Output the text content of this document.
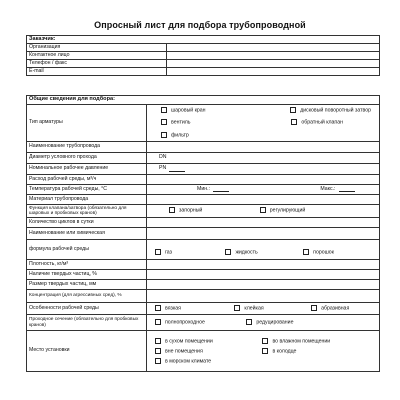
Опросный лист для подбора трубопроводной
Заказчик:	
Организация	
Контактное лицо	
Телефон / факс	
E-mail	
Общие сведения для подбора:	
Тип арматуры	шаровый кран дисковый поворотный затвор
вентиль обратный клапан
фильтр

Наименование трубопровода	
Диаметр условного прохода	DN
Номинальное рабочее давление	PN
Расход рабочей среды, м³/ч	
Температура рабочей среды, °C	Мин.: Макс.:
Материал трубопровода	
Функция клапана/затвора (обязательно для шаровых и пробковых кранов)	запорный регулирующий
Количество циклов в сутки	
Наименование или химическая	
формула рабочей среды	газ жидкость порошок

Плотность, кг/м³	
Наличие твердых частиц, %	
Размер твердых частиц, мм	
Концентрация (для агрессивных сред), %	
Особенности рабочей среды	вязкая клейкая абразивная
Проходное сечение (обязательно для пробковых кранов)	полнопроходное редуцирование
Место установки	в сухом помещении во влажном помещении
вне помещения в колодце
в морском климате
